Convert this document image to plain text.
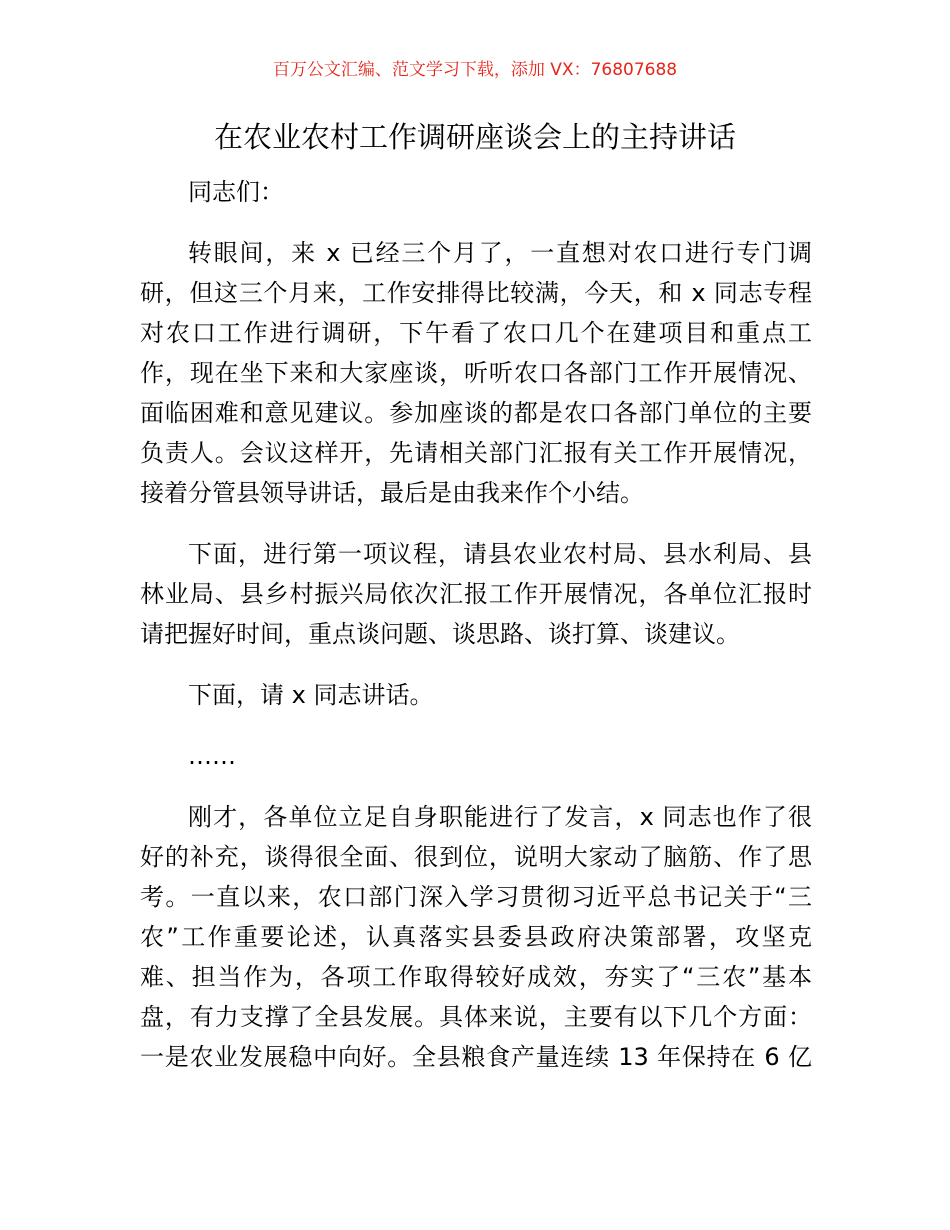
百万公文汇编、范文学习下载，添加 VX：76807688
在农业农村工作调研座谈会上的主持讲话
同志们：
转眼间，来 x 已经三个月了，一直想对农口进行专门调
研，但这三个月来，工作安排得比较满，今天，和 x 同志专程
对农口工作进行调研，下午看了农口几个在建项目和重点工
作，现在坐下来和大家座谈，听听农口各部门工作开展情况、
面临困难和意见建议。参加座谈的都是农口各部门单位的主要
负责人。会议这样开，先请相关部门汇报有关工作开展情况，
接着分管县领导讲话，最后是由我来作个小结。
下面，进行第一项议程，请县农业农村局、县水利局、县
林业局、县乡村振兴局依次汇报工作开展情况，各单位汇报时
请把握好时间，重点谈问题、谈思路、谈打算、谈建议。
下面，请 x 同志讲话。
……
刚才，各单位立足自身职能进行了发言，x 同志也作了很
好的补充，谈得很全面、很到位，说明大家动了脑筋、作了思
考。一直以来，农口部门深入学习贯彻习近平总书记关于“三
农”工作重要论述，认真落实县委县政府决策部署，攻坚克
难、担当作为，各项工作取得较好成效，夯实了“三农”基本
盘，有力支撑了全县发展。具体来说，主要有以下几个方面：
一是农业发展稳中向好。全县粮食产量连续 13 年保持在 6 亿
